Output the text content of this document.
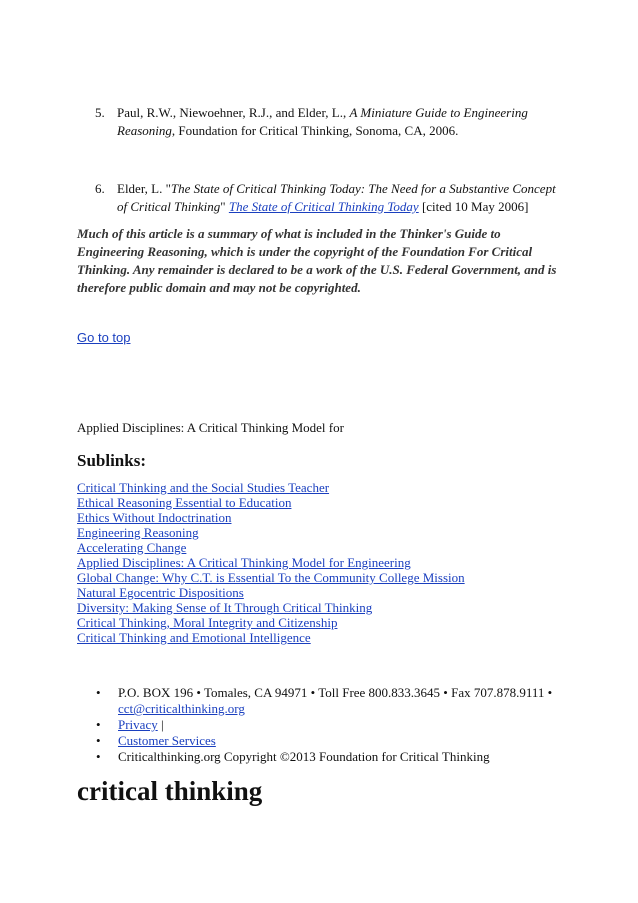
5. Paul, R.W., Niewoehner, R.J., and Elder, L., A Miniature Guide to Engineering
Reasoning, Foundation for Critical Thinking, Sonoma, CA, 2006.
6. Elder, L. "The State of Critical Thinking Today: The Need for a Substantive Concept
of Critical Thinking" The State of Critical Thinking Today [cited 10 May 2006]
Much of this article is a summary of what is included in the Thinker's Guide to Engineering Reasoning, which is under the copyright of the Foundation For Critical Thinking. Any remainder is declared to be a work of the U.S. Federal Government, and is therefore public domain and may not be copyrighted.
Go to top
Applied Disciplines: A Critical Thinking Model for
Sublinks:
Critical Thinking and the Social Studies Teacher
Ethical Reasoning Essential to Education
Ethics Without Indoctrination
Engineering Reasoning
Accelerating Change
Applied Disciplines: A Critical Thinking Model for Engineering
Global Change: Why C.T. is Essential To the Community College Mission
Natural Egocentric Dispositions
Diversity: Making Sense of It Through Critical Thinking
Critical Thinking, Moral Integrity and Citizenship
Critical Thinking and Emotional Intelligence
• P.O. BOX 196 • Tomales, CA 94971 • Toll Free 800.833.3645 • Fax 707.878.9111 •
cct@criticalthinking.org
• Privacy |
• Customer Services
• Criticalthinking.org Copyright ©2013 Foundation for Critical Thinking
critical thinking
